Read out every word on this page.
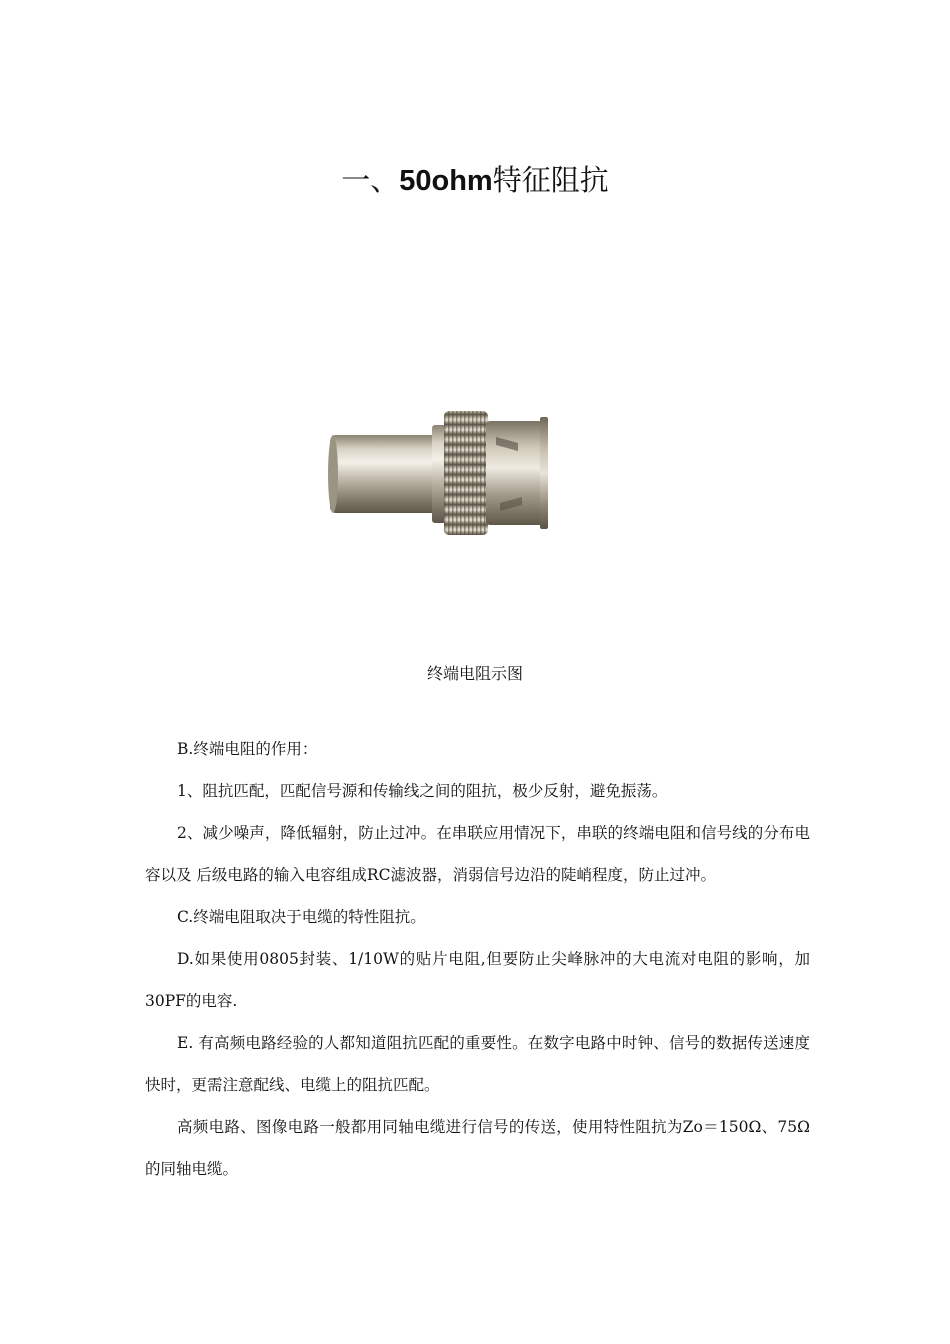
一、50ohm特征阻抗
终端电阻示图

B.终端电阻的作用：

1、阻抗匹配，匹配信号源和传输线之间的阻抗，极少反射，避免振荡。

2、减少噪声，降低辐射，防止过冲。在串联应用情况下，串联的终端电阻和信号线的分布电容以及 后级电路的输入电容组成RC滤波器，消弱信号边沿的陡峭程度，防止过冲。

C.终端电阻取决于电缆的特性阻抗。

D.如果使用0805封装、1/10W的贴片电阻,但要防止尖峰脉冲的大电流对电阻的影响，加30PF的电容.

E. 有高频电路经验的人都知道阻抗匹配的重要性。在数字电路中时钟、信号的数据传送速度快时，更需注意配线、电缆上的阻抗匹配。

高频电路、图像电路一般都用同轴电缆进行信号的传送，使用特性阻抗为Zo＝150Ω、75Ω的同轴电缆。
